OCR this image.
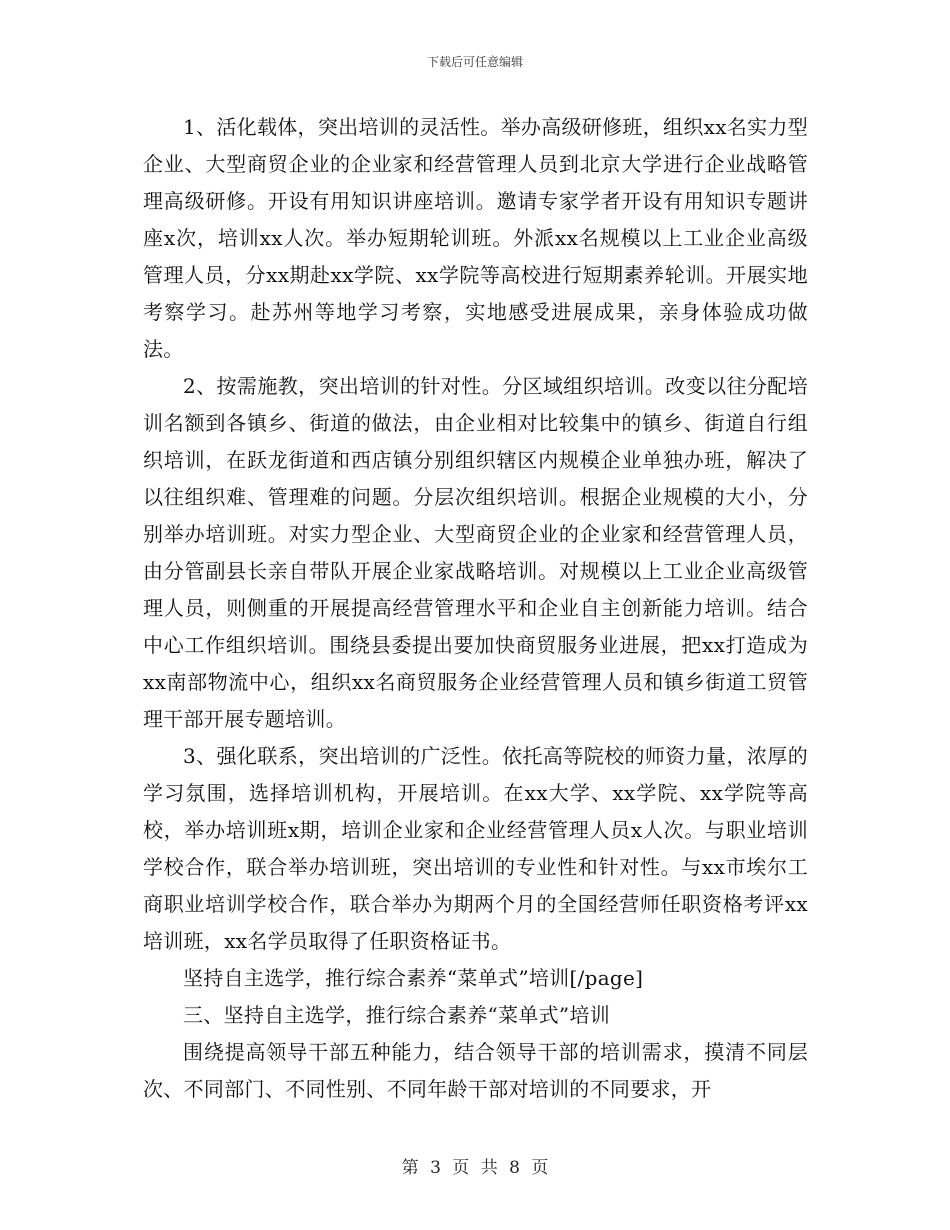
下载后可任意编辑

1、活化载体，突出培训的灵活性。举办高级研修班，组织xx名实力型企业、大型商贸企业的企业家和经营管理人员到北京大学进行企业战略管理高级研修。开设有用知识讲座培训。邀请专家学者开设有用知识专题讲座x次，培训xx人次。举办短期轮训班。外派xx名规模以上工业企业高级管理人员，分xx期赴xx学院、xx学院等高校进行短期素养轮训。开展实地考察学习。赴苏州等地学习考察，实地感受进展成果，亲身体验成功做法。

2、按需施教，突出培训的针对性。分区域组织培训。改变以往分配培训名额到各镇乡、街道的做法，由企业相对比较集中的镇乡、街道自行组织培训，在跃龙街道和西店镇分别组织辖区内规模企业单独办班，解决了以往组织难、管理难的问题。分层次组织培训。根据企业规模的大小，分别举办培训班。对实力型企业、大型商贸企业的企业家和经营管理人员，由分管副县长亲自带队开展企业家战略培训。对规模以上工业企业高级管理人员，则侧重的开展提高经营管理水平和企业自主创新能力培训。结合中心工作组织培训。围绕县委提出要加快商贸服务业进展，把xx打造成为xx南部物流中心，组织xx名商贸服务企业经营管理人员和镇乡街道工贸管理干部开展专题培训。

3、强化联系，突出培训的广泛性。依托高等院校的师资力量，浓厚的学习氛围，选择培训机构，开展培训。在xx大学、xx学院、xx学院等高校，举办培训班x期，培训企业家和企业经营管理人员x人次。与职业培训学校合作，联合举办培训班，突出培训的专业性和针对性。与xx市埃尔工商职业培训学校合作，联合举办为期两个月的全国经营师任职资格考评xx培训班，xx名学员取得了任职资格证书。

坚持自主选学，推行综合素养“菜单式”培训[/page]

三、坚持自主选学，推行综合素养“菜单式”培训

围绕提高领导干部五种能力，结合领导干部的培训需求，摸清不同层次、不同部门、不同性别、不同年龄干部对培训的不同要求，开

第 3 页 共 8 页
